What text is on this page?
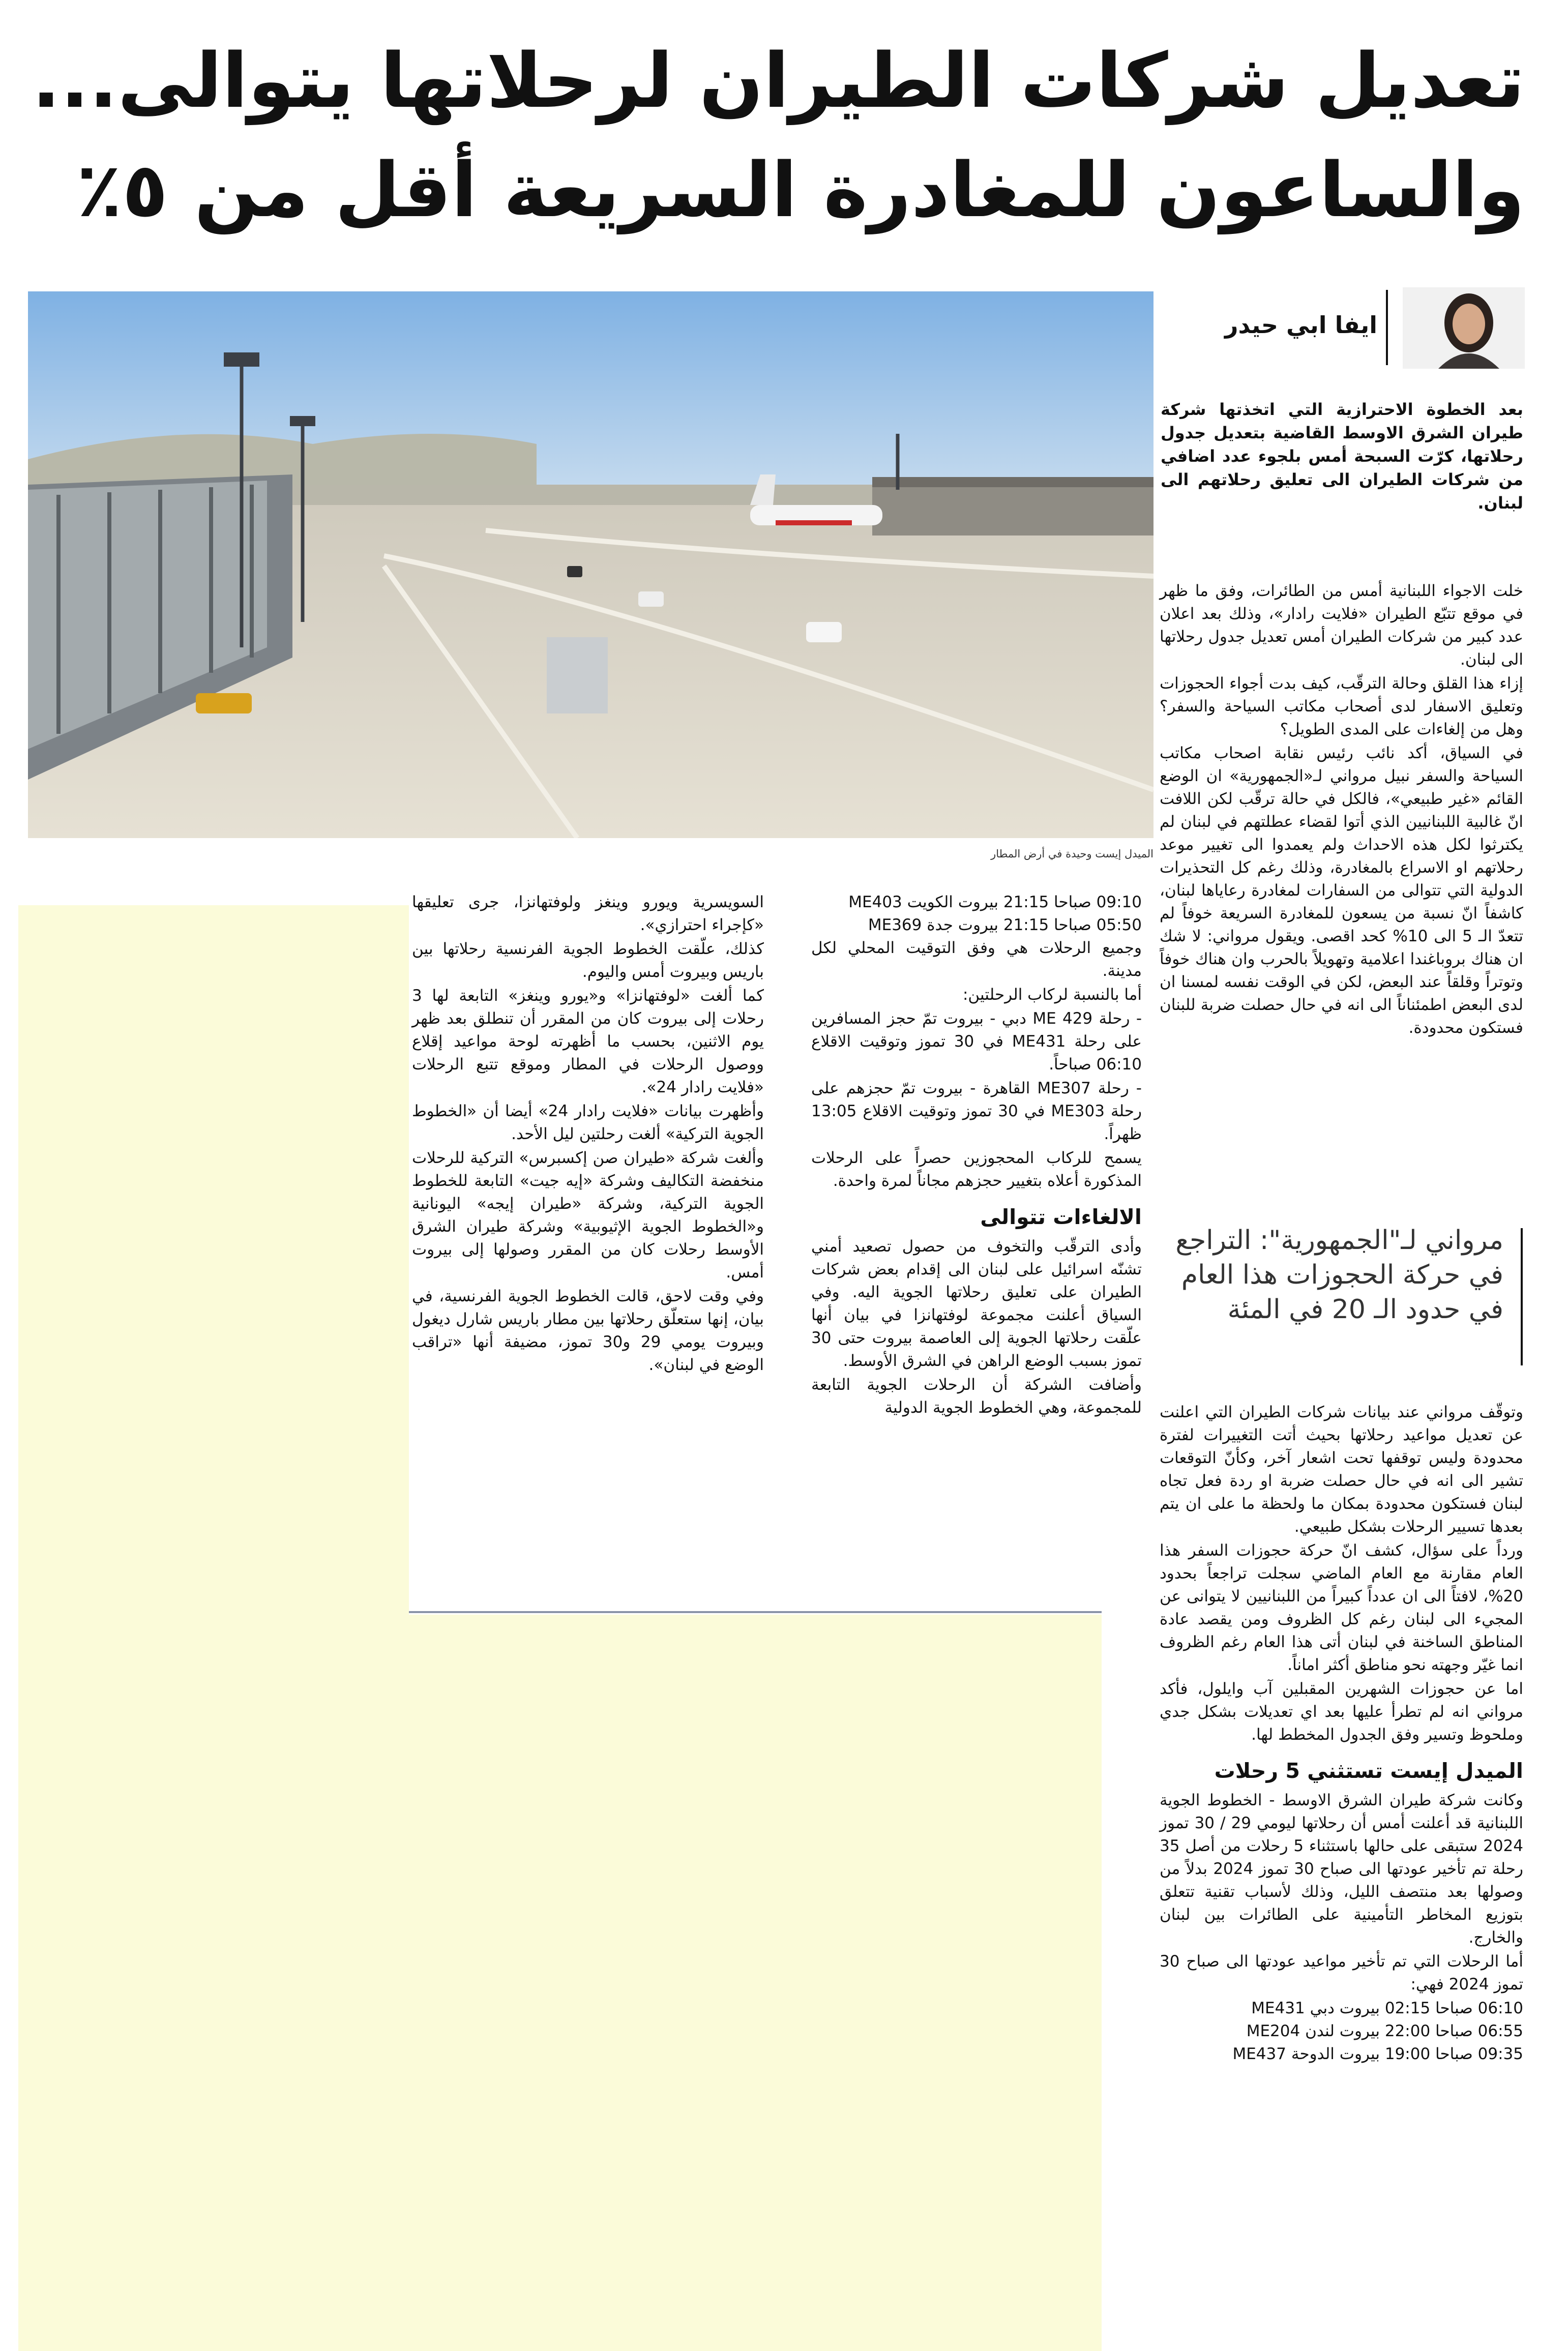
تعديل شركات الطيران لرحلاتها يتوالى...
والساعون للمغادرة السريعة أقل من ٥٪
الميدل إيست وحيدة في أرض المطار
ايفا ابي حيدر
بعد الخطوة الاحترازية التي اتخذتها شركة طيران الشرق الاوسط القاضية بتعديل جدول رحلاتها، كرّت السبحة أمس بلجوء عدد اضافي من شركات الطيران الى تعليق رحلاتهم الى لبنان.

خلت الاجواء اللبنانية أمس من الطائرات، وفق ما ظهر في موقع تتبّع الطيران «فلايت رادار»، وذلك بعد اعلان عدد كبير من شركات الطيران أمس تعديل جدول رحلاتها الى لبنان.

إزاء هذا القلق وحالة الترقّب، كيف بدت أجواء الحجوزات وتعليق الاسفار لدى أصحاب مكاتب السياحة والسفر؟ وهل من إلغاءات على المدى الطويل؟

في السياق، أكد نائب رئيس نقابة اصحاب مكاتب السياحة والسفر نبيل مرواني لـ«الجمهورية» ان الوضع القائم «غير طبيعي»، فالكل في حالة ترقّب لكن اللافت انّ غالبية اللبنانيين الذي أتوا لقضاء عطلتهم في لبنان لم يكترثوا لكل هذه الاحداث ولم يعمدوا الى تغيير موعد رحلاتهم او الاسراع بالمغادرة، وذلك رغم كل التحذيرات الدولية التي تتوالى من السفارات لمغادرة رعاياها لبنان، كاشفاً انّ نسبة من يسعون للمغادرة السريعة خوفاً لم تتعدّ الـ 5 الى 10% كحد اقصى. ويقول مرواني: لا شك ان هناك بروباغندا اعلامية وتهويلاً بالحرب وان هناك خوفاً وتوتراً وقلقاً عند البعض، لكن في الوقت نفسه لمسنا ان لدى البعض اطمئناناً الى انه في حال حصلت ضربة للبنان فستكون محدودة.

مرواني لـ"الجمهورية": التراجع في حركة الحجوزات هذا العام في حدود الـ 20 في المئة

وتوقّف مرواني عند بيانات شركات الطيران التي اعلنت عن تعديل مواعيد رحلاتها بحيث أتت التغييرات لفترة محدودة وليس توقفها تحت اشعار آخر، وكأنّ التوقعات تشير الى انه في حال حصلت ضربة او ردة فعل تجاه لبنان فستكون محدودة بمكان ما ولحظة ما على ان يتم بعدها تسيير الرحلات بشكل طبيعي.

ورداً على سؤال، كشف انّ حركة حجوزات السفر هذا العام مقارنة مع العام الماضي سجلت تراجعاً بحدود 20%، لافتاً الى ان عدداً كبيراً من اللبنانيين لا يتوانى عن المجيء الى لبنان رغم كل الظروف ومن يقصد عادة المناطق الساخنة في لبنان أتى هذا العام رغم الظروف انما غيّر وجهته نحو مناطق أكثر اماناً.

اما عن حجوزات الشهرين المقبلين آب وايلول، فأكد مرواني انه لم تطرأ عليها بعد اي تعديلات بشكل جدي وملحوظ وتسير وفق الجدول المخطط لها.

الميدل إيست تستثني 5 رحلات

وكانت شركة طيران الشرق الاوسط - الخطوط الجوية اللبنانية قد أعلنت أمس أن رحلاتها ليومي 29 / 30 تموز 2024 ستبقى على حالها باستثناء 5 رحلات من أصل 35 رحلة تم تأخير عودتها الى صباح 30 تموز 2024 بدلاً من وصولها بعد منتصف الليل، وذلك لأسباب تقنية تتعلق بتوزيع المخاطر التأمينية على الطائرات بين لبنان والخارج.

أما الرحلات التي تم تأخير مواعيد عودتها الى صباح 30 تموز 2024 فهي:

06:10 صباحا 02:15 بيروت دبي ME431
06:55 صباحا 22:00 بيروت لندن ME204
09:35 صباحا 19:00 بيروت الدوحة ME437
09:10 صباحا 21:15 بيروت الكويت ME403
05:50 صباحا 21:15 بيروت جدة ME369

وجميع الرحلات هي وفق التوقيت المحلي لكل مدينة.

أما بالنسبة لركاب الرحلتين:

- رحلة ME 429 دبي - بيروت تمّ حجز المسافرين على رحلة ME431 في 30 تموز وتوقيت الاقلاع 06:10 صباحاً.

- رحلة ME307 القاهرة - بيروت تمّ حجزهم على رحلة ME303 في 30 تموز وتوقيت الاقلاع 13:05 ظهراً.

يسمح للركاب المحجوزين حصراً على الرحلات المذكورة أعلاه بتغيير حجزهم مجاناً لمرة واحدة.

الالغاءات تتوالى

وأدى الترقّب والتخوف من حصول تصعيد أمني تشنّه اسرائيل على لبنان الى إقدام بعض شركات الطيران على تعليق رحلاتها الجوية اليه. وفي السياق أعلنت مجموعة لوفتهانزا في بيان أنها علّقت رحلاتها الجوية إلى العاصمة بيروت حتى 30 تموز بسبب الوضع الراهن في الشرق الأوسط.

وأضافت الشركة أن الرحلات الجوية التابعة للمجموعة، وهي الخطوط الجوية الدولية

السويسرية ويورو وينغز ولوفتهانزا، جرى تعليقها «كإجراء احترازي».

كذلك، علّقت الخطوط الجوية الفرنسية رحلاتها بين باريس وبيروت أمس واليوم.

كما ألغت «لوفتهانزا» و«يورو وينغز» التابعة لها 3 رحلات إلى بيروت كان من المقرر أن تنطلق بعد ظهر يوم الاثنين، بحسب ما أظهرته لوحة مواعيد إقلاع ووصول الرحلات في المطار وموقع تتبع الرحلات «فلايت رادار 24».

وأظهرت بيانات «فلايت رادار 24» أيضا أن «الخطوط الجوية التركية» ألغت رحلتين ليل الأحد.

وألغت شركة «طيران صن إكسبرس» التركية للرحلات منخفضة التكاليف وشركة «إيه جيت» التابعة للخطوط الجوية التركية، وشركة «طيران إيجه» اليونانية و«الخطوط الجوية الإثيوبية» وشركة طيران الشرق الأوسط رحلات كان من المقرر وصولها إلى بيروت أمس.

وفي وقت لاحق، قالت الخطوط الجوية الفرنسية، في بيان، إنها ستعلّق رحلاتها بين مطار باريس شارل ديغول وبيروت يومي 29 و30 تموز، مضيفة أنها «تراقب الوضع في لبنان».
